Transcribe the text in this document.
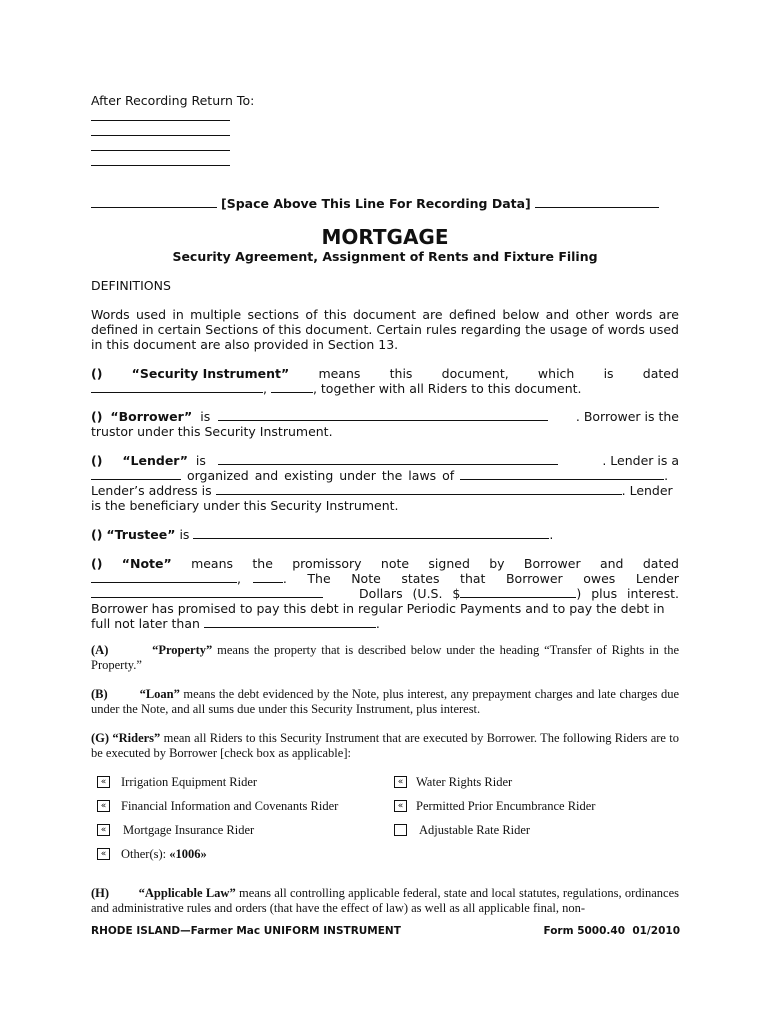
After Recording Return To:
[Space Above This Line For Recording Data]
MORTGAGE
Security Agreement, Assignment of Rents and Fixture Filing
DEFINITIONS
Words used in multiple sections of this document are defined below and other words are defined in certain Sections of this document. Certain rules regarding the usage of words used in this document are also provided in Section 13.
() “Security Instrument” means this document, which is dated
,	, together with all Riders to this document.
() “Borrower” is	. Borrower is the
trustor under this Security Instrument.
() “Lender” is	. Lender is a
organized and existing under the laws of	.
Lender’s address is	. Lender
is the beneficiary under this Security Instrument.
() “Trustee” is	.
() “Note” means the promissory note signed by Borrower and dated
,   . The Note states that Borrower owes Lender
Dollars (U.S. $	) plus interest.
Borrower has promised to pay this debt in regular Periodic Payments and to pay the debt in
full not later than	.
(A)	“Property” means the property that is described below under the heading “Transfer of Rights in the Property.”
(B)	“Loan” means the debt evidenced by the Note, plus interest, any prepayment charges and late charges due under the Note, and all sums due under this Security Instrument, plus interest.
(G) “Riders” mean all Riders to this Security Instrument that are executed by Borrower. The following Riders are to be executed by Borrower [check box as applicable]:
«	Irrigation Equipment Rider	«	Water Rights Rider
«	Financial Information and Covenants Rider	«	Permitted Prior Encumbrance Rider
«	Mortgage Insurance Rider	Adjustable Rate Rider
«	Other(s): «1006»
(H) “Applicable Law” means all controlling applicable federal, state and local statutes, regulations, ordinances and administrative rules and orders (that have the effect of law) as well as all applicable final, non-
RHODE ISLAND—Farmer Mac UNIFORM INSTRUMENT	Form 5000.40  01/2010
